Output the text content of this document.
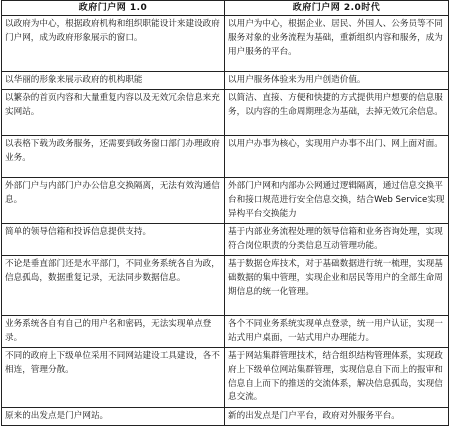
政府门户网 1.0	政府门户网 2.0时代
以政府为中心，根据政府机构和组织职能设计来建设政府门户网，成为政府形象展示的窗口。	以用户为中心，根据企业、居民、外国人、公务员等不同服务对象的业务流程为基础，重新组织内容和服务，成为用户服务的平台。
以华丽的形象来展示政府的机构职能	以用户服务体验来为用户创造价值。
以繁杂的首页内容和大量重复内容以及无效冗余信息来充实网站。	以简洁、直接、方便和快捷的方式提供用户想要的信息服务，以内容的生命周期理念为基础，去掉无效冗余信息。
以表格下载为政务服务，还需要到政务窗口部门办理政府业务。	以用户办事为核心，实现用户办事不出门、网上面对面。
外部门户与内部门户办公信息交换隔离，无法有效沟通信息。	外部门户网和内部办公网通过逻辑隔离，通过信息交换平台和接口规范进行安全信息交换，结合Web Service实现异构平台交换能力
简单的领导信箱和投诉信息提供支持。	基于内部业务流程处理的领导信箱和业务咨询处理，实现符合岗位职责的分类信息互动管理功能。
不论是垂直部门还是水平部门，不同业务系统各自为政，信息孤岛，数据重复记录，无法同步数据信息。	基于数据仓库技术，对于基础数据进行统一梳理，实现基础数据的集中管理，实现企业和居民等用户的全部生命周期信息的统一化管理。
业务系统各自有自己的用户名和密码，无法实现单点登录。	各个不同业务系统实现单点登录，统一用户认证，实现一站式用户桌面，一站式用户办理能力。
不同的政府上下级单位采用不同网站建设工具建设，各不相连，管理分散。	基于网站集群管理技术，结合组织结构管理体系，实现政府上下级单位网站集群管理，实现信息自下而上的报审和信息自上而下的推送的交流体系，解决信息孤岛，实现信息交流。
原来的出发点是门户网站。	新的出发点是门户平台，政府对外服务平台。
